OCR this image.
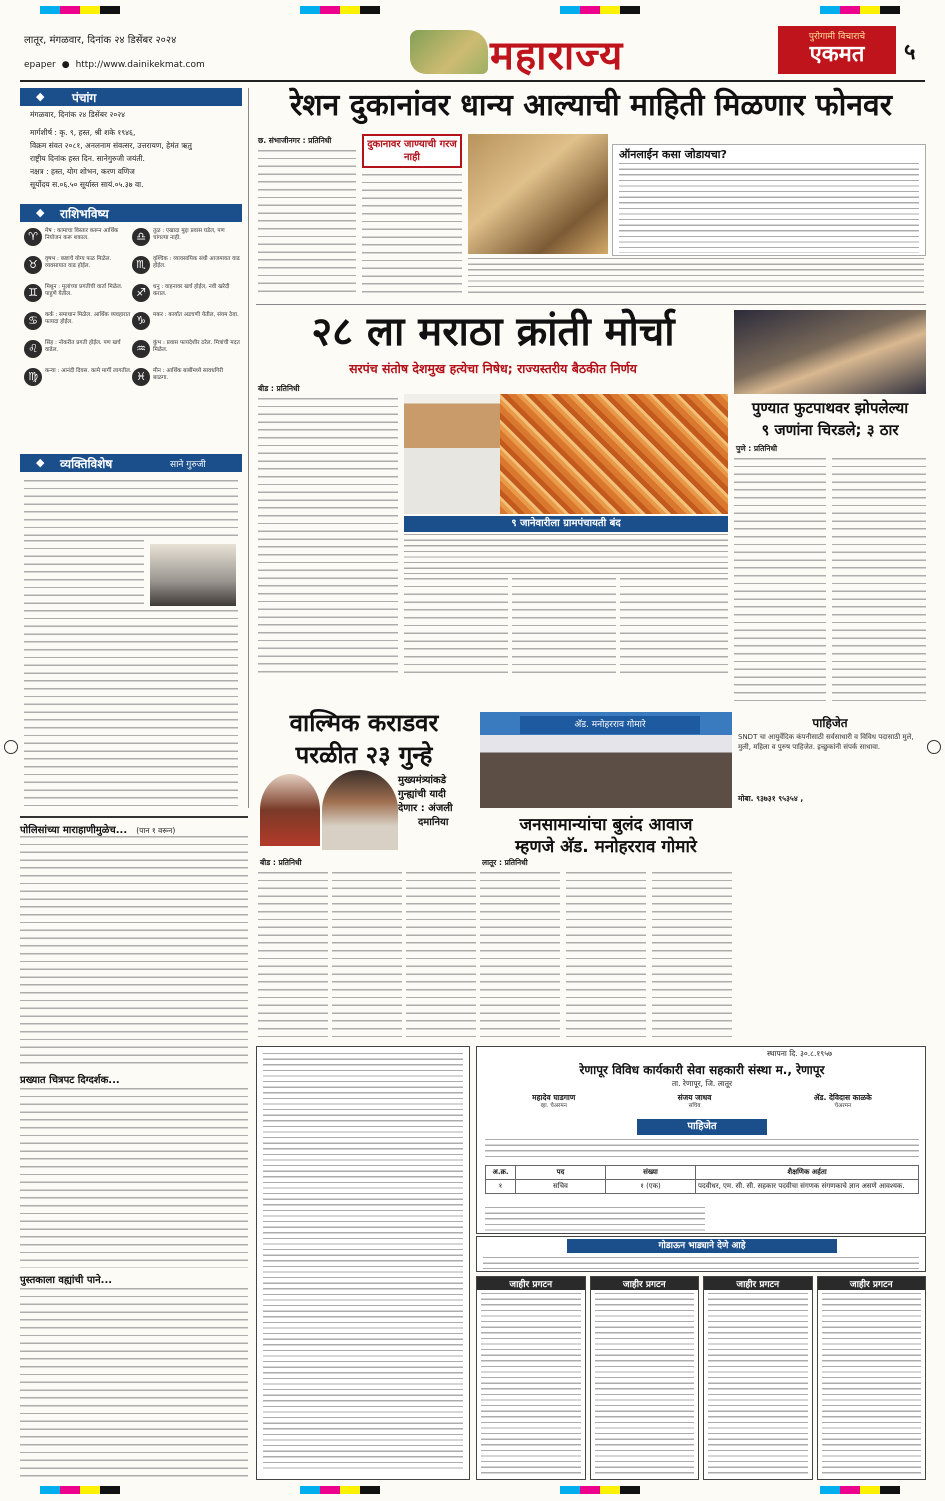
लातूर, मंगळवार, दिनांक २४ डिसेंबर २०२४
epaper ● http://www.dainikekmat.com	महाराज्य	पुरोगामी विचाराचे
एकमत	५
◆ पंचांग
मंगळवार, दिनांक २४ डिसेंबर २०२४
मार्गशीर्ष : कृ. ९, हस्त, श्री शके १९४६,
विक्रम संवत २०८१, अनलनाम संवत्सर, उत्तरायण, हेमंत ऋतु
राष्ट्रीय दिनांक हस्त दिन. सानेगुरुजी जयंती.
नक्षत्र : हस्त, योग शोभन, करण वणिज
सूर्योदय स.०६.५० सूर्यास्त सायं.०५.३७ वा.
◆ राशिभविष्य
♈	मेष : कामाचा विस्तार करून आर्थिक नियोजन करू शकाल.	♎	तुळ : एखादा मुद्दा प्रवास घडेल, पण चांगल्या नाही.
♉	वृषभ : कष्टाचे योग्य फळ मिळेल. व्यवसायात वाढ होईल.	♏	वृश्चिक : व्यावसायिक संधी आजमावत वाढ होईल.
♊	मिथुन : मुलांच्या प्रगतीची वार्ता मिळेल. पाहुणे येतील.	♐	धनु : वाहनावर खर्च होईल, नवी खरेदी कराल.
♋	कर्क : समाधान मिळेल. आर्थिक व्यवहारात फायदा होईल.	♑	मकर : कार्यात अडचणी येतील, संयम ठेवा.
♌	सिंह : नोकरीत प्रगती होईल. पण खर्च वाढेल.	♒	कुंभ : प्रवास फायदेशीर ठरेल. मित्रांची मदत मिळेल.
♍	कन्या : आनंदी दिवस. कामे मार्गी लागतील. ♓	मीन : आर्थिक बाबींमध्ये सावधगिरी बाळगा.
◆ व्यक्तिविशेष	साने गुरुजी
रेशन दुकानांवर धान्य आल्याची माहिती मिळणार फोनवर
छ. संभाजीनगर : प्रतिनिधी	दुकानावर जाण्याची गरज नाही	ऑनलाईन कसा जोडायचा?
२८ ला मराठा क्रांती मोर्चा
सरपंच संतोष देशमुख हत्येचा निषेध; राज्यस्तरीय बैठकीत निर्णय
बीड : प्रतिनिधी
९ जानेवारीला ग्रामपंचायती बंद
पुण्यात फुटपाथवर झोपलेल्या
९ जणांना चिरडले; ३ ठार
पुणे : प्रतिनिधी
वाल्मिक कराडवर
परळीत २३ गुन्हे
मुख्यमंत्र्यांकडे
गुन्ह्यांची यादी
देणार : अंजली
दमानिया
बीड : प्रतिनिधी
अ‍ॅड. मनोहरराव गोमारे
जनसामान्यांचा बुलंद आवाज
म्हणजे अ‍ॅड. मनोहरराव गोमारे
लातूर : प्रतिनिधी
पाहिजेत
SNDT चा आयुर्वेदिक कंपनीसाठी सर्वसाधारी व विविध पदासाठी मुले, मुली, महिला व पुरुष पाहिजेत. इच्छुकांनी संपर्क साधावा.
मोबा. ९३७३१ ९५३५४ ,
पोलिसांच्या माराहाणीमुळेच... (पान १ वरून)
प्रख्यात चित्रपट दिग्दर्शक...
पुस्तकाला वह्यांची पाने...
स्थापना दि. ३०.८.१९५७
रेणापूर विविध कार्यकारी सेवा सहकारी संस्था म., रेणापूर
ता. रेणापूर, जि. लातूर
महादेव घाडगाण
व्हा. चेअरमन
संजय जाधव
सचिव
ॲड. देविदास काळके
चेअरमन
पाहिजेत
अ.क्र.	पद	संख्या	शैक्षणिक अर्हता
१	सचिव	१ (एक)	पदवीधर, एम. सी. सी. सहकार पदवीचा संगणक संगणकाचे ज्ञान असणे आवश्यक.
गोडाऊन भाड्याने देणे आहे
जाहीर प्रगटन	जाहीर प्रगटन	जाहीर प्रगटन	जाहीर प्रगटन
